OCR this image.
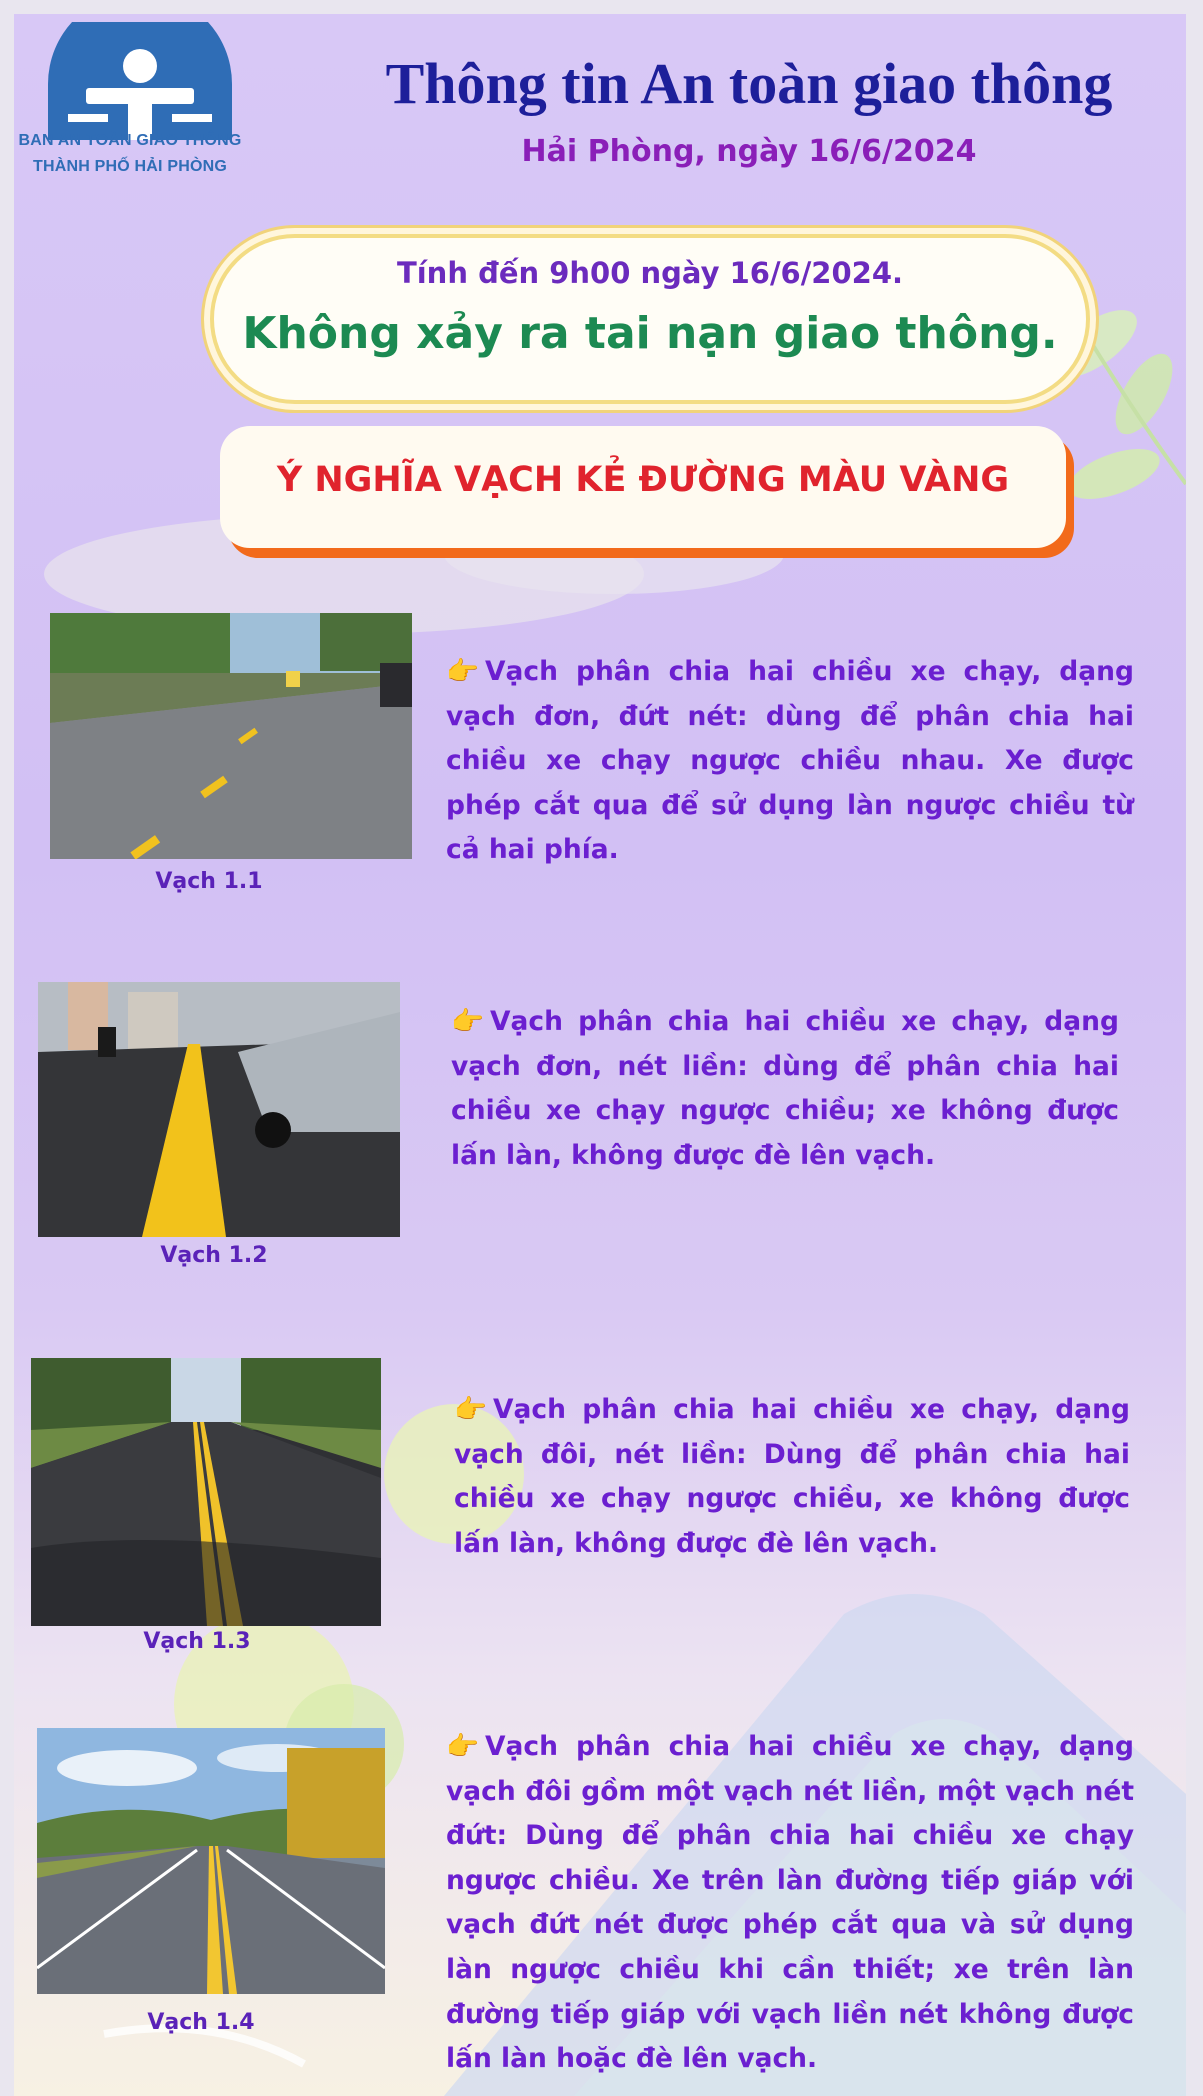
BAN AN TOÀN GIAO THÔNG
THÀNH PHỐ HẢI PHÒNG
Thông tin An toàn giao thông
Hải Phòng, ngày 16/6/2024
Tính đến 9h00 ngày 16/6/2024.
Không xảy ra tai nạn giao thông.
Ý NGHĨA VẠCH KẺ ĐƯỜNG MÀU VÀNG
Vạch 1.1
👉 Vạch phân chia hai chiều xe chạy, dạng vạch đơn, đứt nét: dùng để phân chia hai chiều xe chạy ngược chiều nhau. Xe được phép cắt qua để sử dụng làn ngược chiều từ cả hai phía.
Vạch 1.2
👉 Vạch phân chia hai chiều xe chạy, dạng vạch đơn, nét liền: dùng để phân chia hai chiều xe chạy ngược chiều; xe không được lấn làn, không được đè lên vạch.
Vạch 1.3
👉 Vạch phân chia hai chiều xe chạy, dạng vạch đôi, nét liền: Dùng để phân chia hai chiều xe chạy ngược chiều, xe không được lấn làn, không được đè lên vạch.
Vạch 1.4
👉 Vạch phân chia hai chiều xe chạy, dạng vạch đôi gồm một vạch nét liền, một vạch nét đứt: Dùng để phân chia hai chiều xe chạy ngược chiều. Xe trên làn đường tiếp giáp với vạch đứt nét được phép cắt qua và sử dụng làn ngược chiều khi cần thiết; xe trên làn đường tiếp giáp với vạch liền nét không được lấn làn hoặc đè lên vạch.
